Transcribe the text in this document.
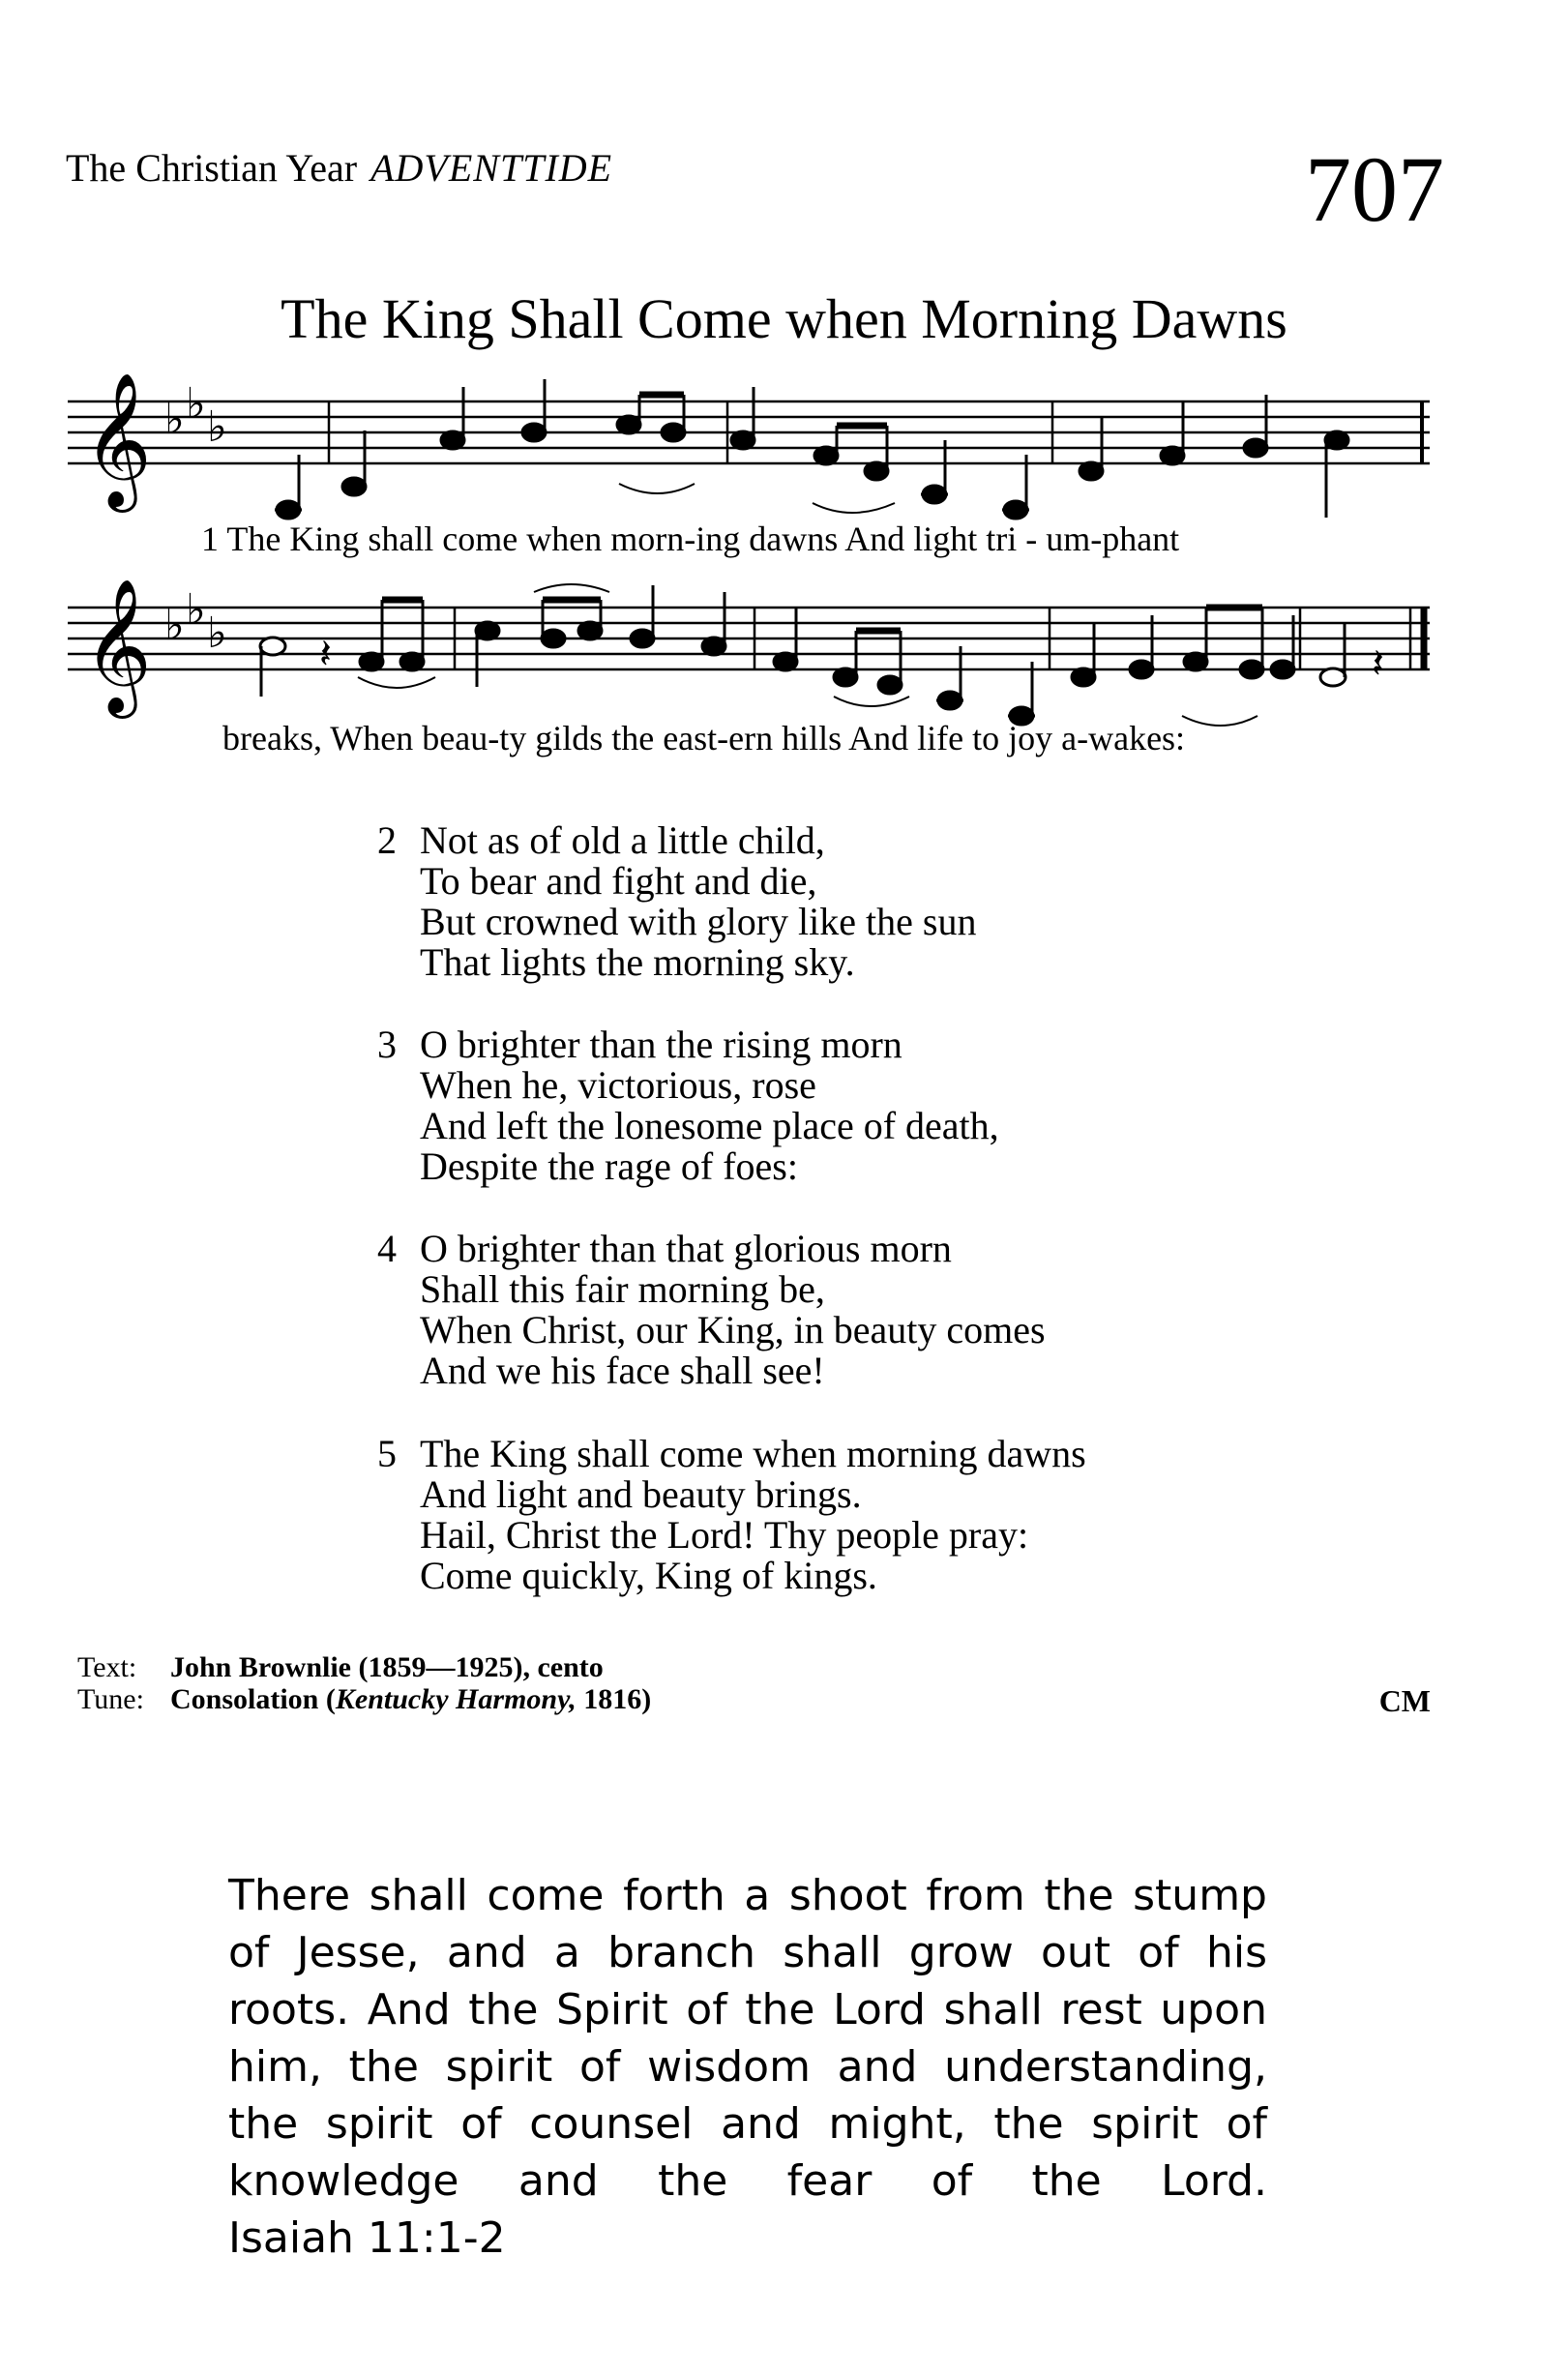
The Christian Year ADVENTTIDE	707
The King Shall Come when Morning Dawns
𝄞 ♭ ♭ ♭
𝄞 ♭ ♭ ♭ 𝄽	𝄽
1 The King shall come when morn-ing dawns And light tri - um-phant
breaks, When beau-ty gilds the east-ern hills And life to joy a-wakes:
2 Not as of old a little child,
To bear and fight and die,
But crowned with glory like the sun
That lights the morning sky.
3 O brighter than the rising morn
When he, victorious, rose
And left the lonesome place of death,
Despite the rage of foes:
4 O brighter than that glorious morn
Shall this fair morning be,
When Christ, our King, in beauty comes
And we his face shall see!
5 The King shall come when morning dawns
And light and beauty brings.
Hail, Christ the Lord! Thy people pray:
Come quickly, King of kings.
Text: John Brownlie (1859—1925), cento
Tune: Consolation (Kentucky Harmony, 1816)	CM
There shall come forth a shoot from the stump of Jesse, and a branch shall grow out of his roots. And the Spirit of the Lord shall rest upon him, the spirit of wisdom and understanding, the spirit of counsel and might, the spirit of knowledge and the fear of the Lord. Isaiah 11:1-2
